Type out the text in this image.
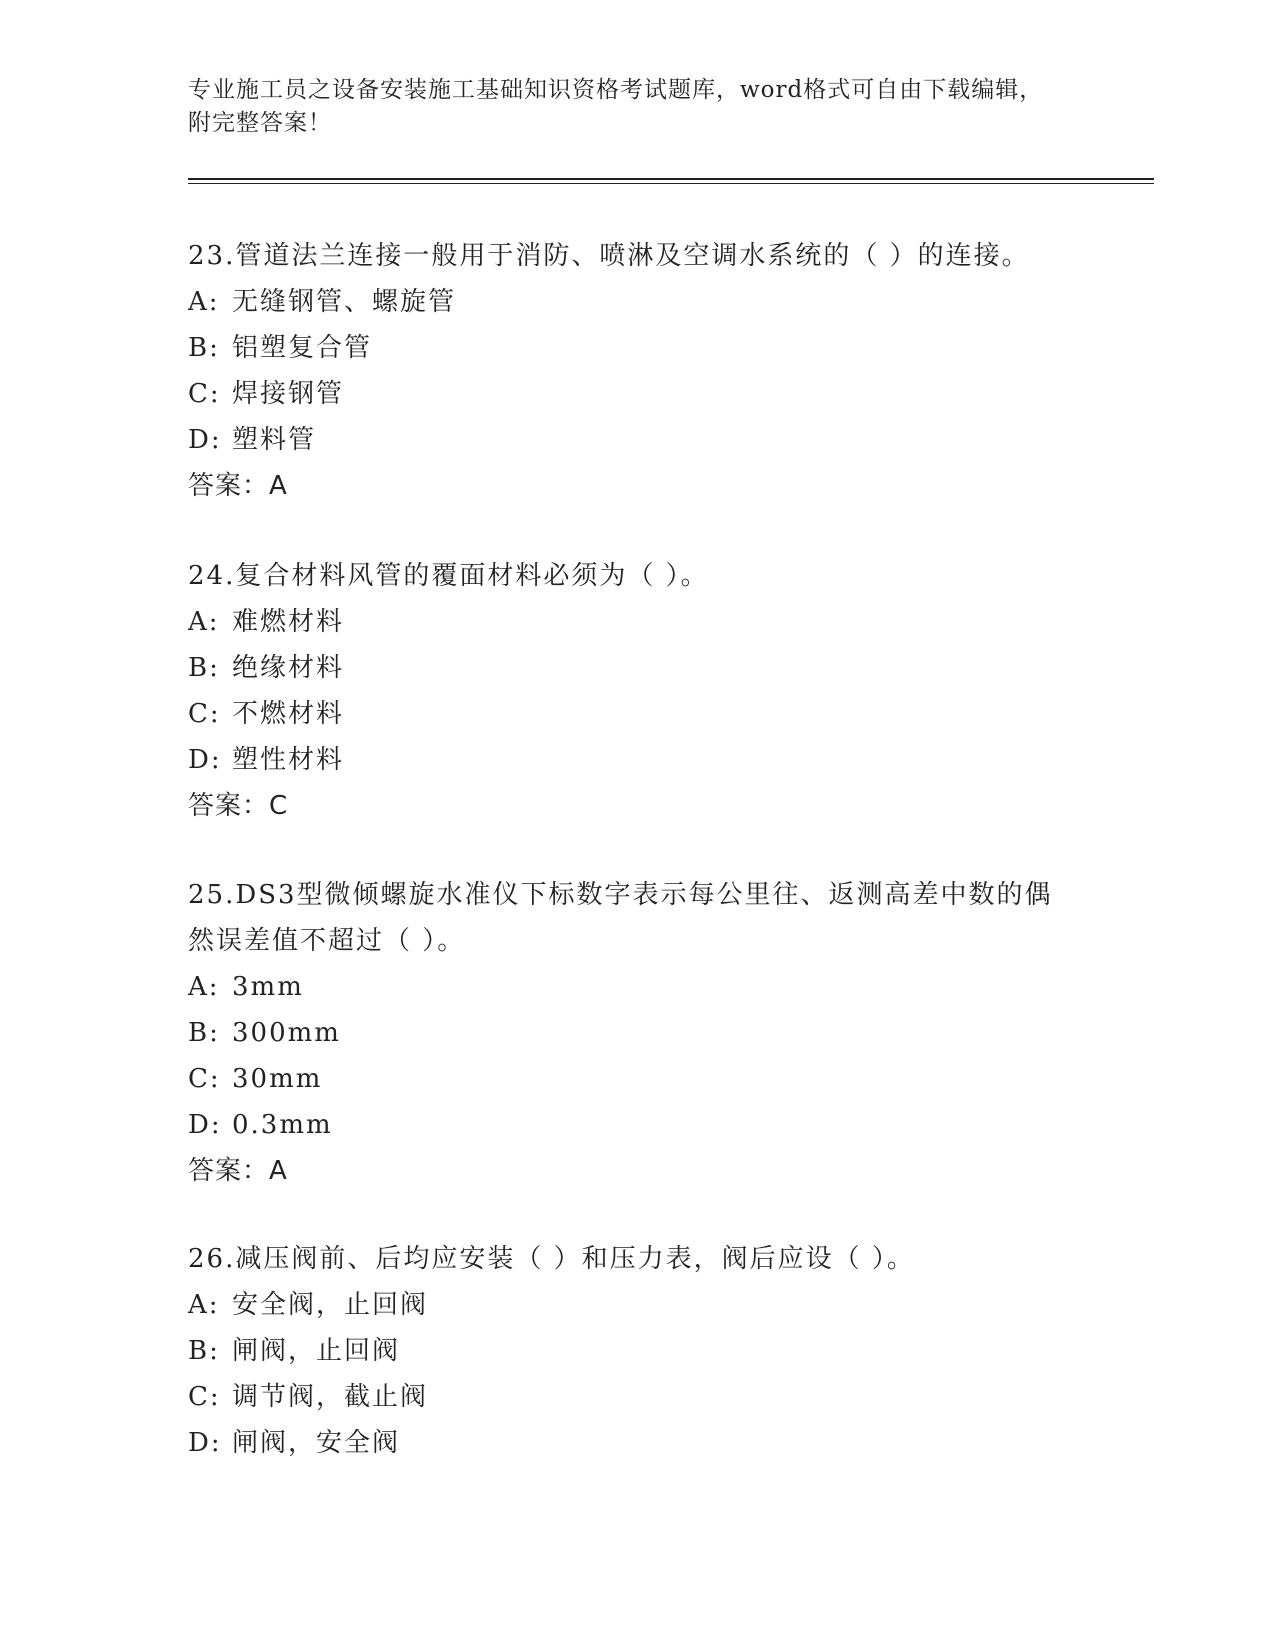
专业施工员之设备安装施工基础知识资格考试题库，word格式可自由下载编辑，
附完整答案！

23.管道法兰连接一般用于消防、喷淋及空调水系统的（ ）的连接。

A: 无缝钢管、螺旋管
B: 铝塑复合管
C: 焊接钢管
D: 塑料管
答案：A

24.复合材料风管的覆面材料必须为（ ）。

A: 难燃材料
B: 绝缘材料
C: 不燃材料
D: 塑性材料
答案：C

25.DS3型微倾螺旋水准仪下标数字表示每公里往、返测高差中数的偶

然误差值不超过（ ）。

A: 3mm
B: 300mm
C: 30mm
D: 0.3mm
答案：A

26.减压阀前、后均应安装（ ）和压力表，阀后应设（ ）。

A: 安全阀，止回阀
B: 闸阀，止回阀
C: 调节阀，截止阀
D: 闸阀，安全阀
